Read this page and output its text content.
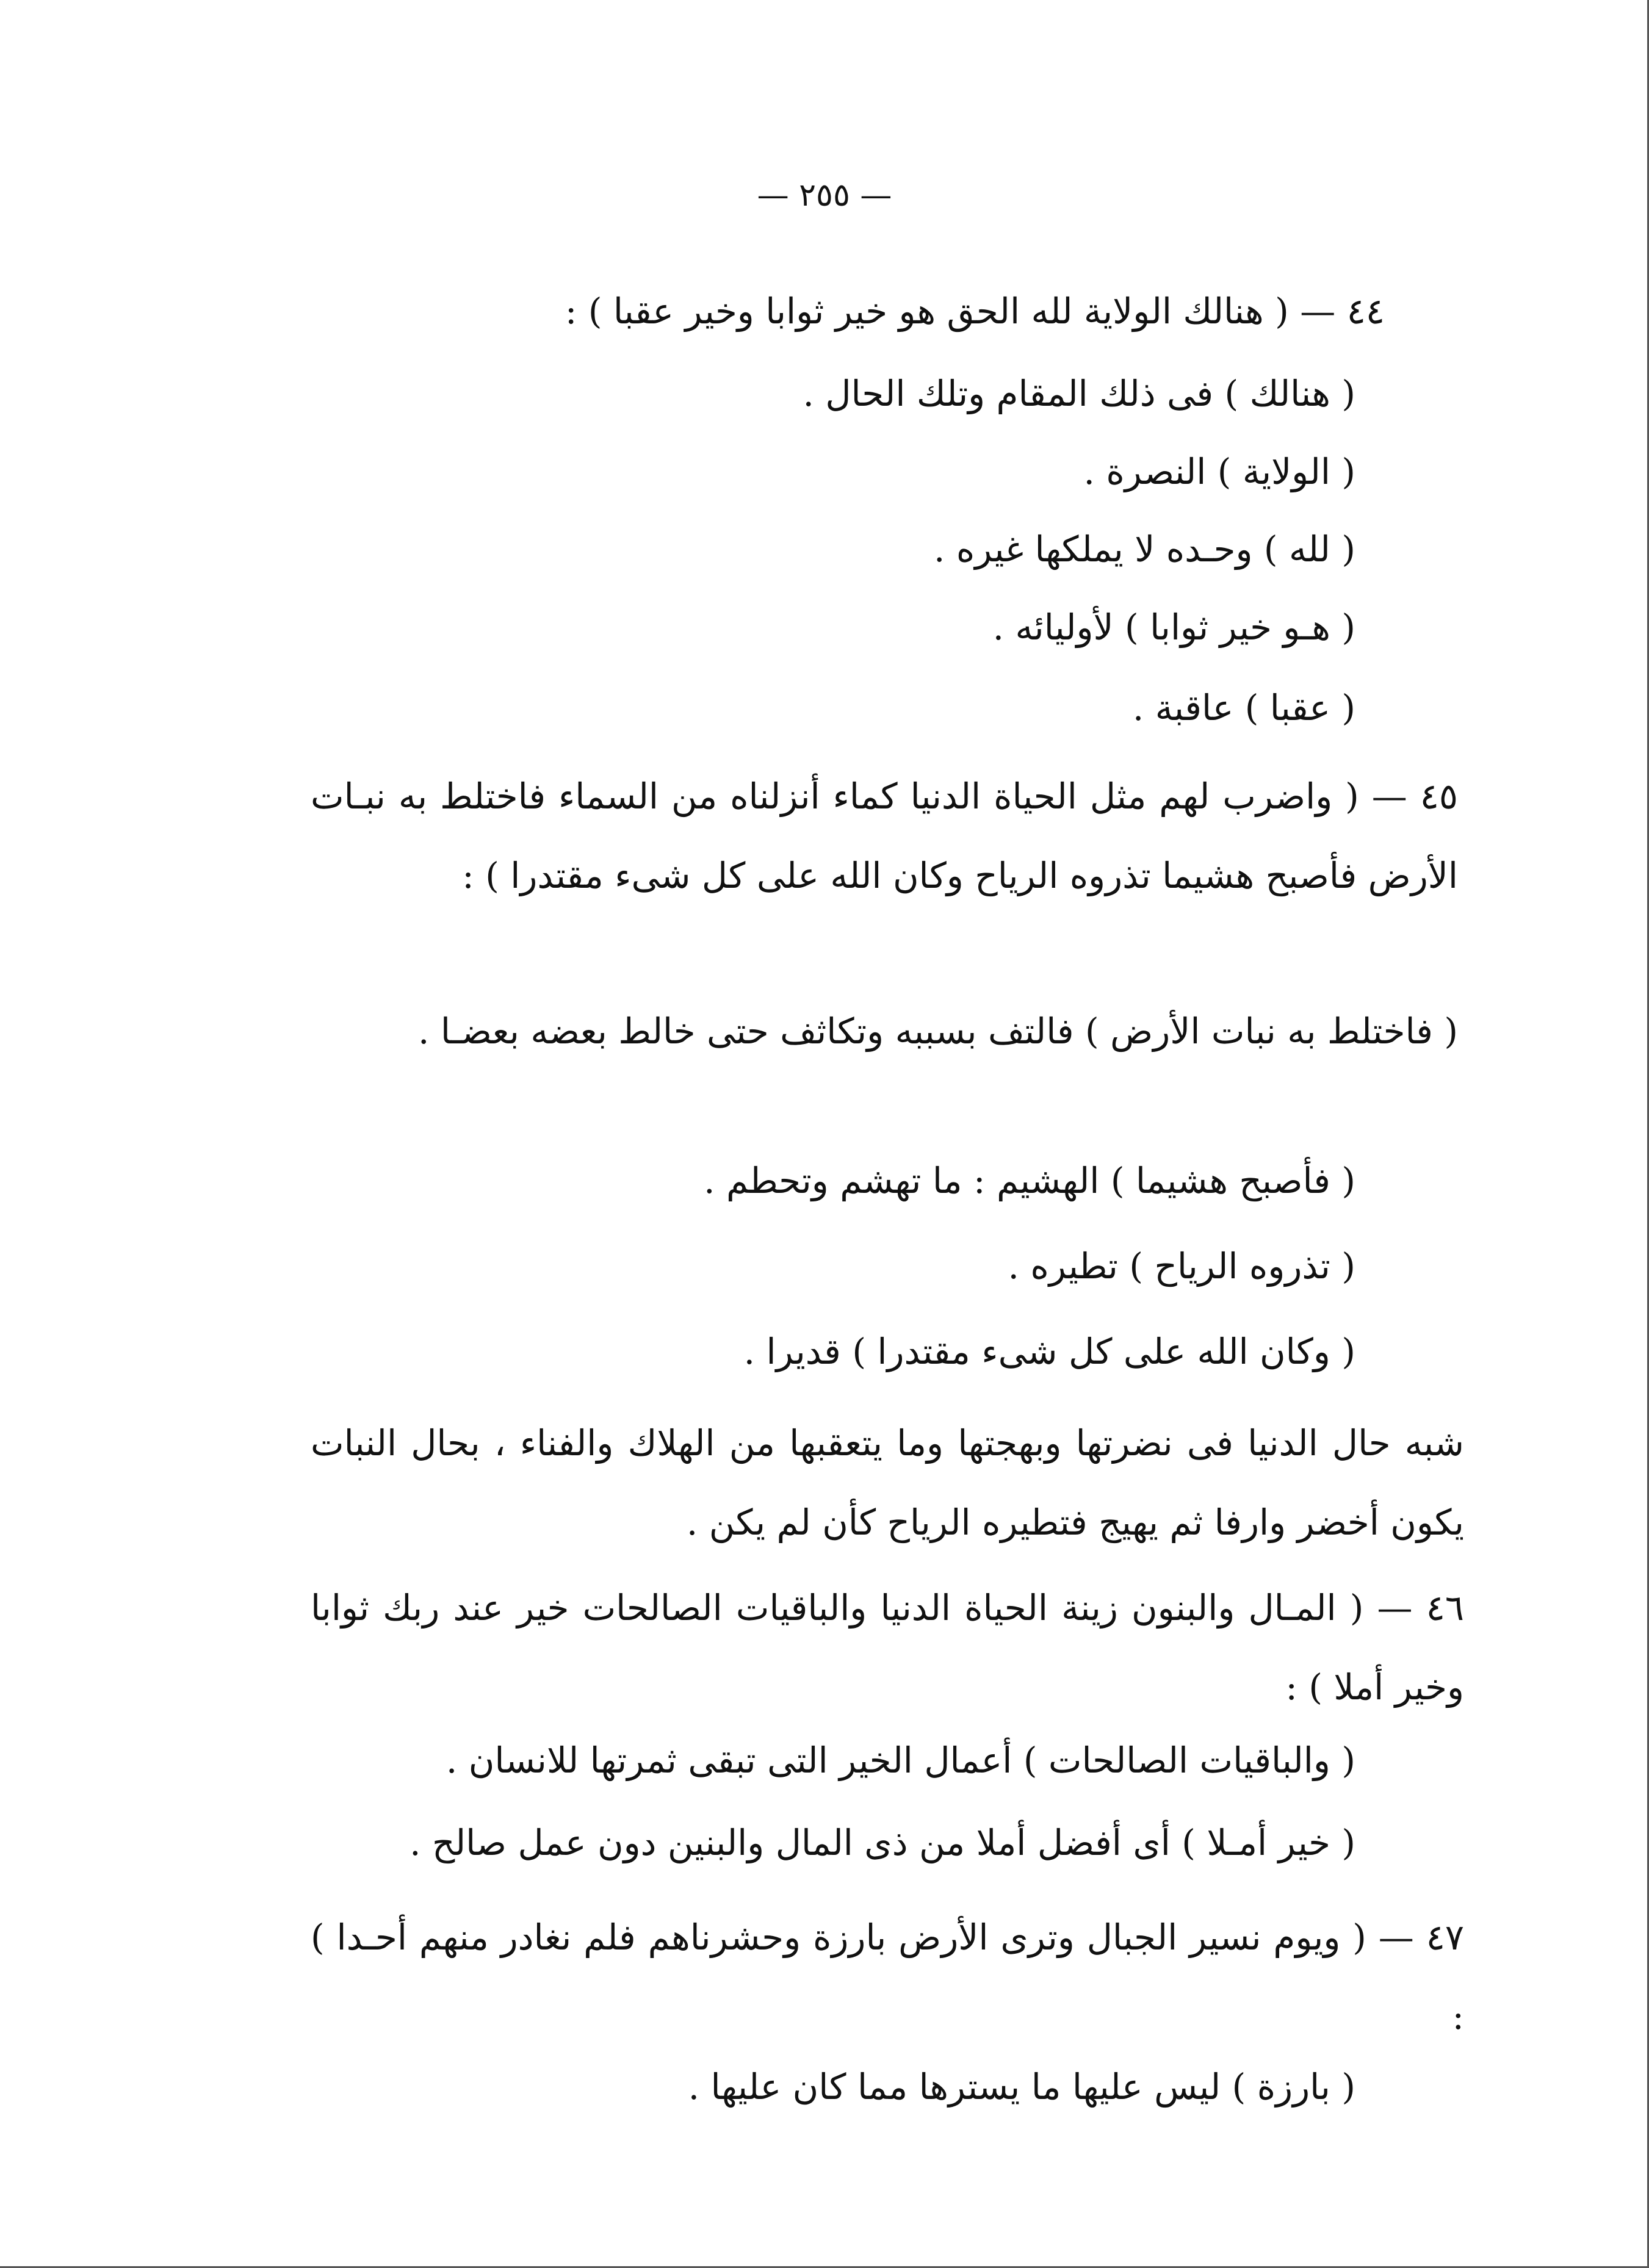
— ٢٥٥ —
٤٤ — ( هنالك الولاية لله الحق هو خير ثوابا وخير عقبا ) :
( هنالك ) فى ذلك المقام وتلك الحال .
( الولاية ) النصرة .
( لله ) وحـده لا يملكها غيره .
( هـو خير ثوابا ) لأوليائه .
( عقبا ) عاقبة .
٤٥ — ( واضرب لهم مثل الحياة الدنيا كماء أنزلناه من السماء فاختلط به نبـات الأرض فأصبح هشيما تذروه الرياح وكان الله على كل شىء مقتدرا ) :
( فاختلط به نبات الأرض ) فالتف بسببه وتكاثف حتى خالط بعضه بعضـا .
( فأصبح هشيما ) الهشيم : ما تهشم وتحطم .
( تذروه الرياح ) تطيره .
( وكان الله على كل شىء مقتدرا ) قديرا .
شبه حال الدنيا فى نضرتها وبهجتها وما يتعقبها من الهلاك والفناء ، بحال النبات يكون أخضر وارفا ثم يهيج فتطيره الرياح كأن لم يكن .
٤٦ — ( المـال والبنون زينة الحياة الدنيا والباقيات الصالحات خير عند ربك ثوابا وخير أملا ) :
( والباقيات الصالحات ) أعمال الخير التى تبقى ثمرتها للانسان .
( خير أمـلا ) أى أفضل أملا من ذى المال والبنين دون عمل صالح .
٤٧ — ( ويوم نسير الجبال وترى الأرض بارزة وحشرناهم فلم نغادر منهم أحـدا ) :
( بارزة ) ليس عليها ما يسترها مما كان عليها .
